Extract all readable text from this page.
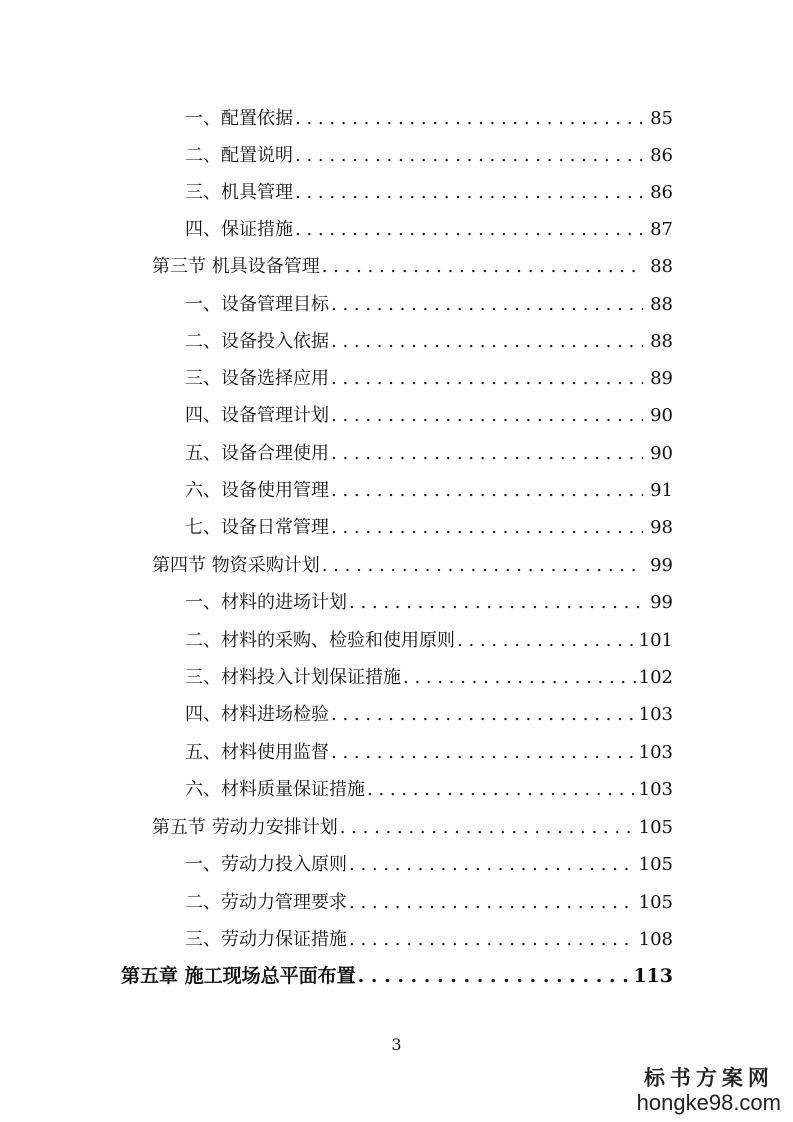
一、配置依据 . . .	85
二、配置说明 . . .	86
三、机具管理 . . .	86
四、保证措施 . . .	87
第三节 机具设备管理 . . .	88
一、设备管理目标 . . .	88
二、设备投入依据 . . .	88
三、设备选择应用 . . .	89
四、设备管理计划 . . .	90
五、设备合理使用 . . .	90
六、设备使用管理 . . .	91
七、设备日常管理 . . .	98
第四节 物资采购计划 . . .	99
一、材料的进场计划 . . .	99
二、材料的采购、检验和使用原则 . . .	101
三、材料投入计划保证措施 . . .	102
四、材料进场检验 . . .	103
五、材料使用监督 . . .	103
六、材料质量保证措施 . . .	103
第五节 劳动力安排计划 . . .	105
一、劳动力投入原则 . . .	105
二、劳动力管理要求 . . .	105
三、劳动力保证措施 . . .	108
第五章 施工现场总平面布置 . . .	113
3
标书方案网
hongke98.com
